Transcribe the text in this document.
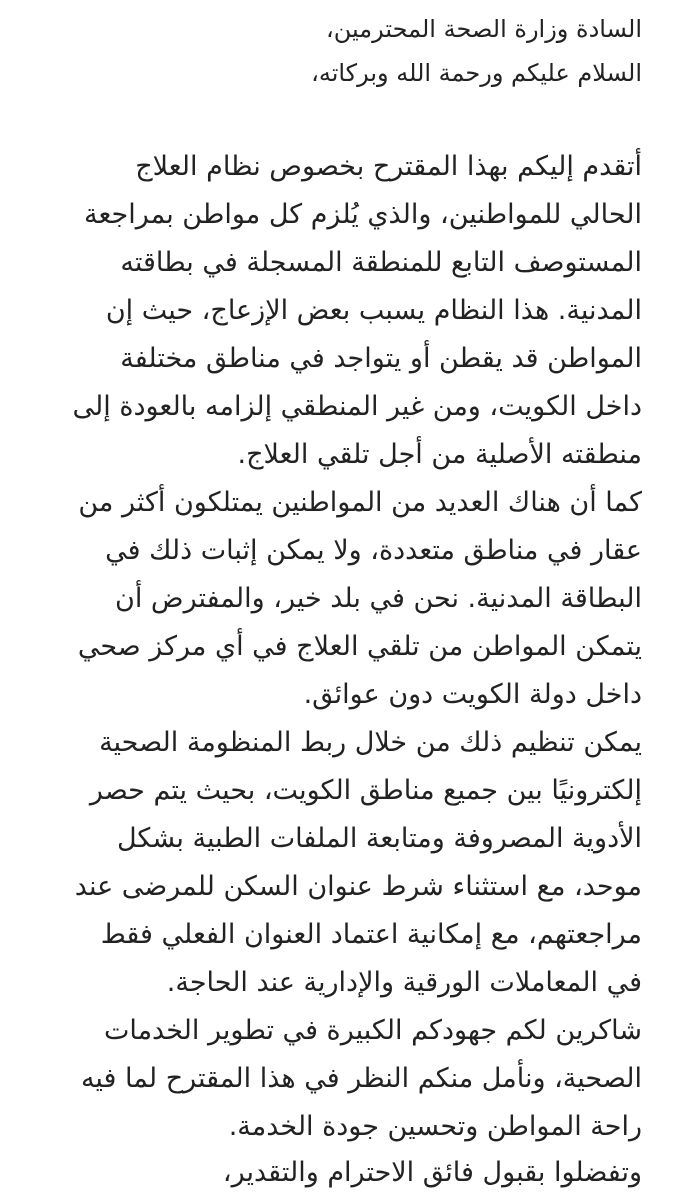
السادة وزارة الصحة المحترمين،
السلام عليكم ورحمة الله وبركاته،
أتقدم إليكم بهذا المقترح بخصوص نظام العلاج
الحالي للمواطنين، والذي يُلزم كل مواطن بمراجعة
المستوصف التابع للمنطقة المسجلة في بطاقته
المدنية. هذا النظام يسبب بعض الإزعاج، حيث إن
المواطن قد يقطن أو يتواجد في مناطق مختلفة
داخل الكويت، ومن غير المنطقي إلزامه بالعودة إلى
منطقته الأصلية من أجل تلقي العلاج.
كما أن هناك العديد من المواطنين يمتلكون أكثر من
عقار في مناطق متعددة، ولا يمكن إثبات ذلك في
البطاقة المدنية. نحن في بلد خير، والمفترض أن
يتمكن المواطن من تلقي العلاج في أي مركز صحي
داخل دولة الكويت دون عوائق.
يمكن تنظيم ذلك من خلال ربط المنظومة الصحية
إلكترونيًا بين جميع مناطق الكويت، بحيث يتم حصر
الأدوية المصروفة ومتابعة الملفات الطبية بشكل
موحد، مع استثناء شرط عنوان السكن للمرضى عند
مراجعتهم، مع إمكانية اعتماد العنوان الفعلي فقط
في المعاملات الورقية والإدارية عند الحاجة.
شاكرين لكم جهودكم الكبيرة في تطوير الخدمات
الصحية، ونأمل منكم النظر في هذا المقترح لما فيه
راحة المواطن وتحسين جودة الخدمة.
وتفضلوا بقبول فائق الاحترام والتقدير،
